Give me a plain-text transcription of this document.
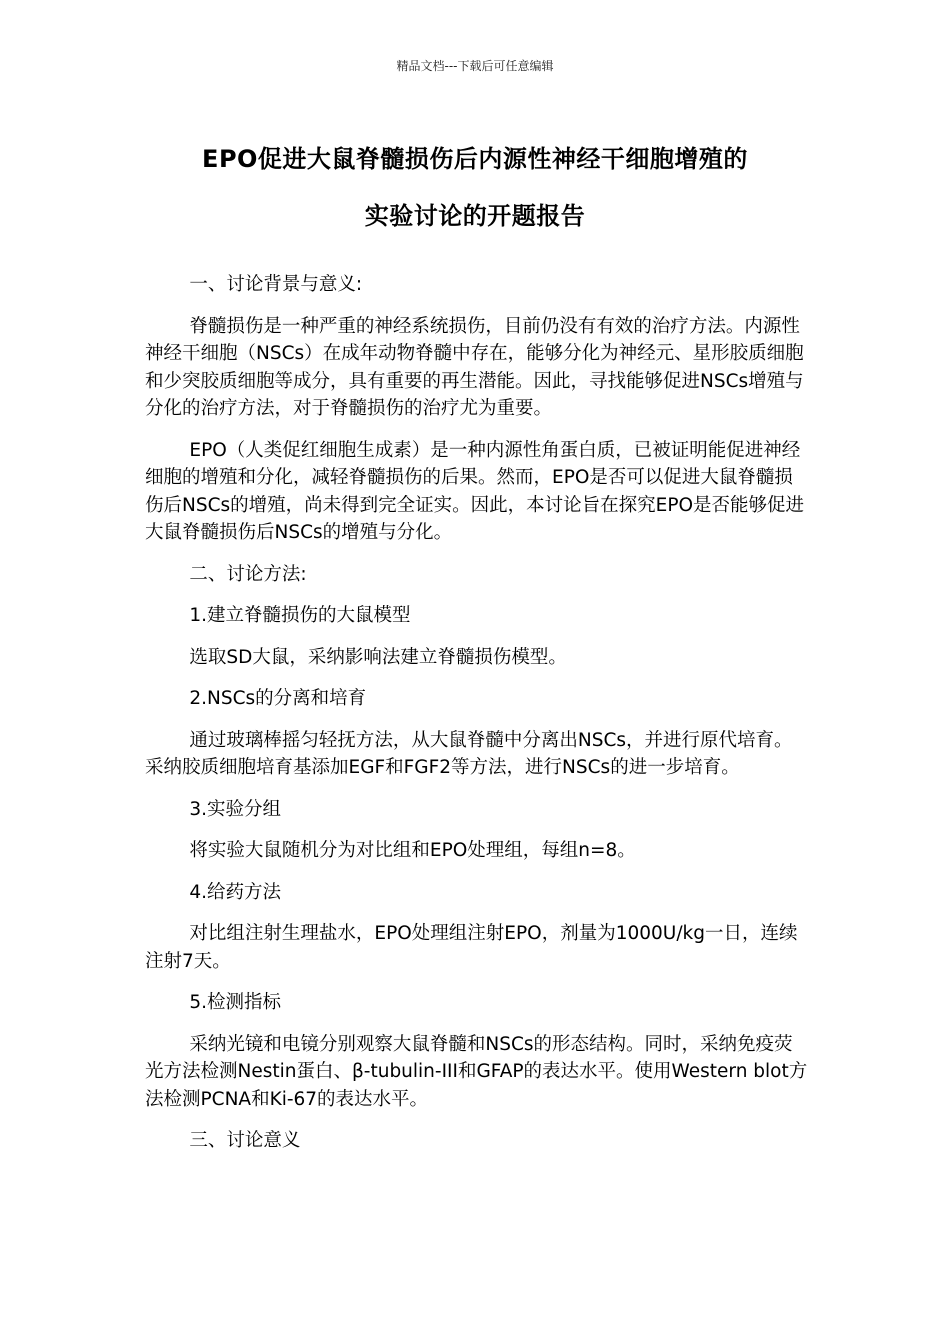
精品文档---下载后可任意编辑
EPO促进大鼠脊髓损伤后内源性神经干细胞增殖的
实验讨论的开题报告

一、讨论背景与意义:

脊髓损伤是一种严重的神经系统损伤，目前仍没有有效的治疗方法。内源性神经干细胞（NSCs）在成年动物脊髓中存在，能够分化为神经元、星形胶质细胞和少突胶质细胞等成分，具有重要的再生潜能。因此，寻找能够促进NSCs增殖与分化的治疗方法，对于脊髓损伤的治疗尤为重要。

EPO（人类促红细胞生成素）是一种内源性角蛋白质，已被证明能促进神经细胞的增殖和分化，减轻脊髓损伤的后果。然而，EPO是否可以促进大鼠脊髓损伤后NSCs的增殖，尚未得到完全证实。因此，本讨论旨在探究EPO是否能够促进大鼠脊髓损伤后NSCs的增殖与分化。

二、讨论方法:

1.建立脊髓损伤的大鼠模型

选取SD大鼠，采纳影响法建立脊髓损伤模型。

2.NSCs的分离和培育

通过玻璃棒摇匀轻抚方法，从大鼠脊髓中分离出NSCs，并进行原代培育。采纳胶质细胞培育基添加EGF和FGF2等方法，进行NSCs的进一步培育。

3.实验分组

将实验大鼠随机分为对比组和EPO处理组，每组n=8。

4.给药方法

对比组注射生理盐水，EPO处理组注射EPO，剂量为1000U/kg一日，连续注射7天。

5.检测指标

采纳光镜和电镜分别观察大鼠脊髓和NSCs的形态结构。同时，采纳免疫荧光方法检测Nestin蛋白、β-tubulin-III和GFAP的表达水平。使用Western blot方法检测PCNA和Ki-67的表达水平。

三、讨论意义
